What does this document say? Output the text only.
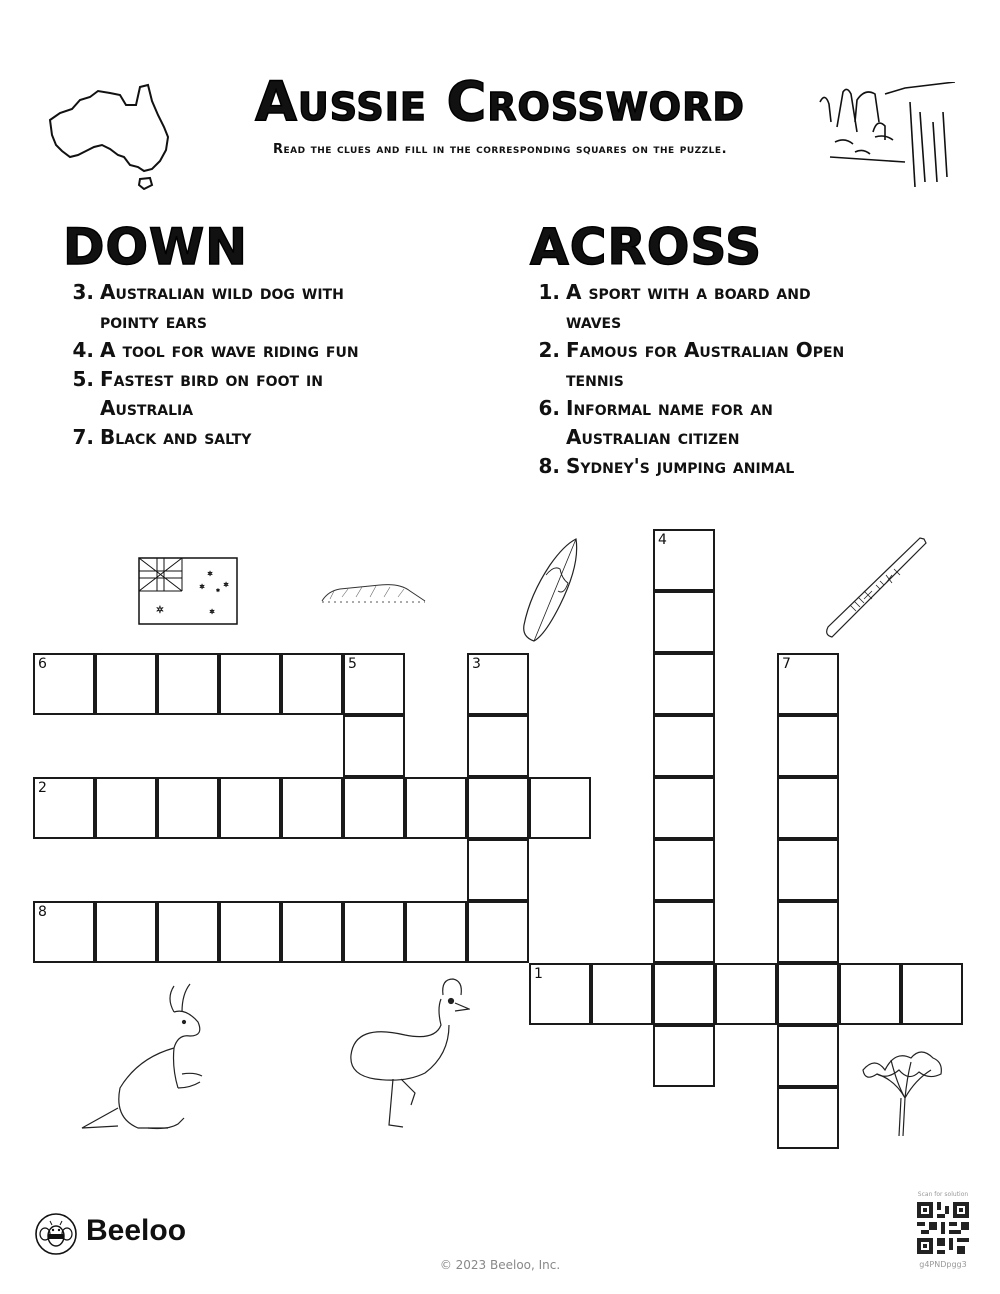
Aussie Crossword
Read the clues and fill in the corresponding squares on the puzzle.
DOWN
3. Australian wild dog with pointy ears
4. A tool for wave riding fun
5. Fastest bird on foot in Australia
7. Black and salty
ACROSS
1. A sport with a board and waves
2. Famous for Australian Open tennis
6. Informal name for an Australian citizen
8. Sydney's jumping animal
✶
✶
✶
✶ ✶
✶
6	5	3
2
8
4
7
1
Beeloo
© 2023 Beeloo, Inc.
Scan for solution
g4PNDpgg3
